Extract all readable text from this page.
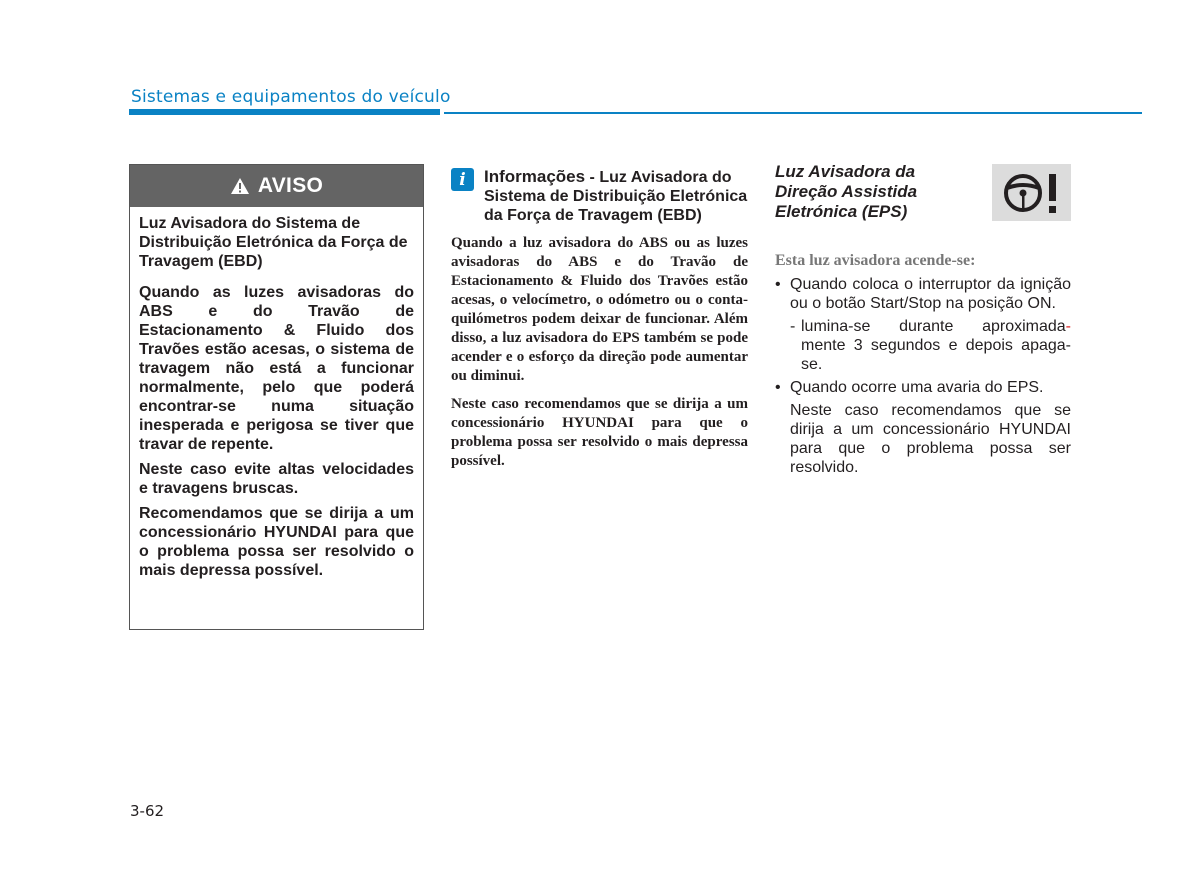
Sistemas e equipamentos do veículo
AVISO

Luz Avisadora do Sistema de Distribuição Eletrónica da Força de Travagem (EBD)

Quando as luzes avisadoras do ABS e do Travão de Estacionamento & Fluido dos Travões estão acesas, o sistema de travagem não está a funcionar normalmente, pelo que poderá encontrar-se numa situação inesperada e perigosa se tiver que travar de repente.

Neste caso evite altas velocidades e travagens bruscas.

Recomendamos que se dirija a um concessionário HYUNDAI para que o problema possa ser resolvido o mais depressa possível.

i	Informações - Luz Avisadora do Sistema de Distribuição Eletrónica da Força de Travagem (EBD)

Quando a luz avisadora do ABS ou as luzes avisadoras do ABS e do Travão de Estacionamento & Fluido dos Travões estão acesas, o velocímetro, o odómetro ou o conta-quilómetros podem deixar de funcionar. Além disso, a luz avisadora do EPS também se pode acender e o esforço da direção pode aumentar ou diminui.

Neste caso recomendamos que se dirija a um concessionário HYUNDAI para que o problema possa ser resolvido o mais depressa possível.

Luz Avisadora da Direção Assistida Eletrónica (EPS)

Esta luz avisadora acende-se:

• Quando coloca o interruptor da ignição ou o botão Start/Stop na posição ON.

- lumina-se durante aproximada- mente 3 segundos e depois apaga-se.

• Quando ocorre uma avaria do EPS.

Neste caso recomendamos que se dirija a um concessionário HYUNDAI para que o problema possa ser resolvido.

3-62
